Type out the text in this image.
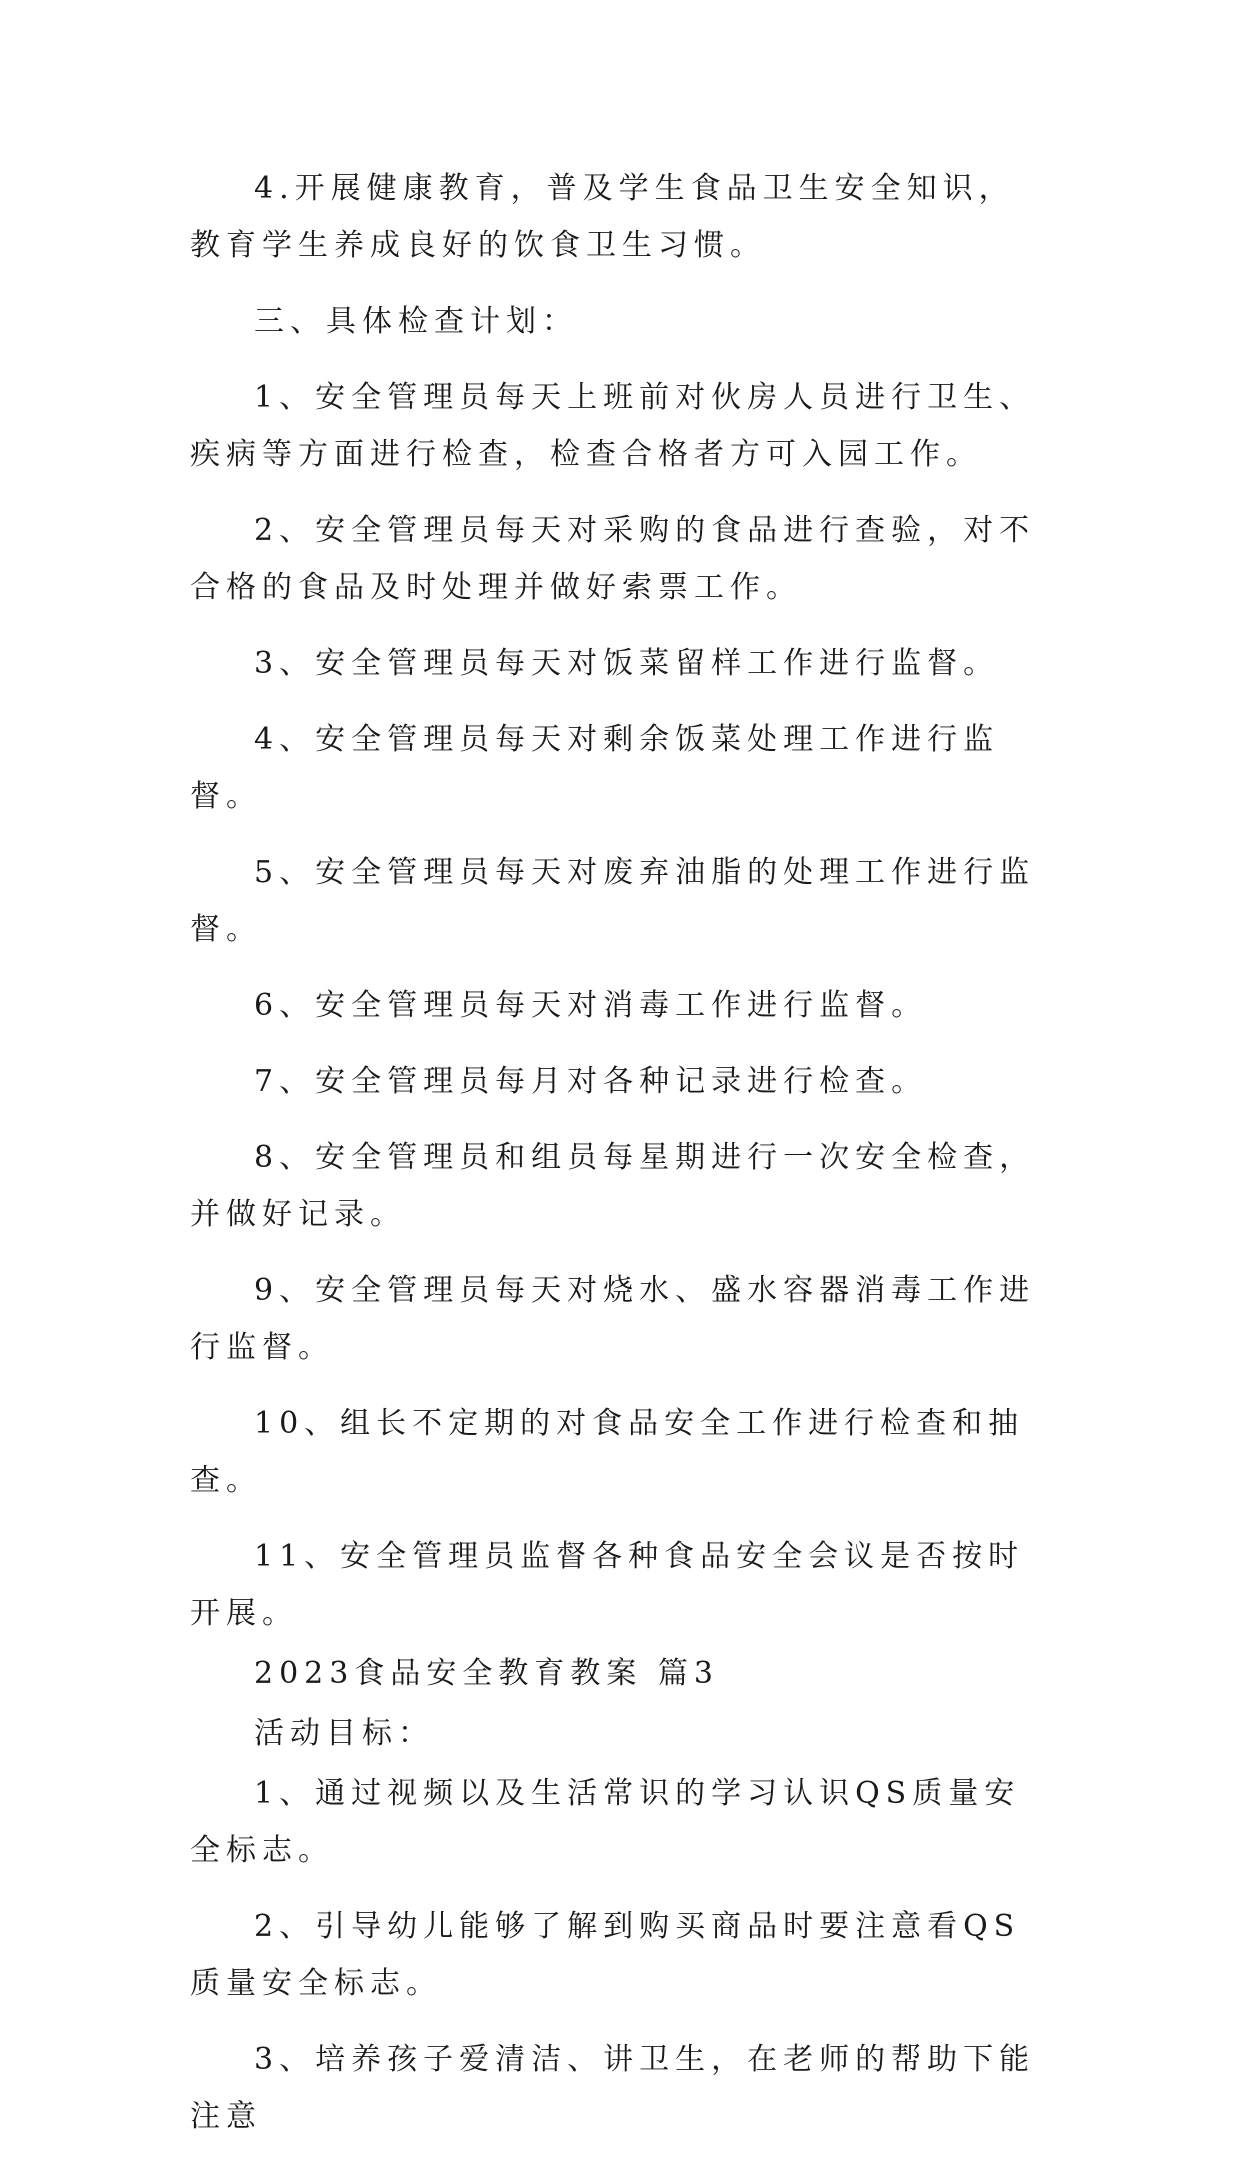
4.开展健康教育，普及学生食品卫生安全知识，教育学生养成良好的饮食卫生习惯。

三、具体检查计划：

1、安全管理员每天上班前对伙房人员进行卫生、疾病等方面进行检查，检查合格者方可入园工作。

2、安全管理员每天对采购的食品进行查验，对不合格的食品及时处理并做好索票工作。

3、安全管理员每天对饭菜留样工作进行监督。

4、安全管理员每天对剩余饭菜处理工作进行监督。

5、安全管理员每天对废弃油脂的处理工作进行监督。

6、安全管理员每天对消毒工作进行监督。

7、安全管理员每月对各种记录进行检查。

8、安全管理员和组员每星期进行一次安全检查，并做好记录。

9、安全管理员每天对烧水、盛水容器消毒工作进行监督。

10、组长不定期的对食品安全工作进行检查和抽查。

11、安全管理员监督各种食品安全会议是否按时开展。

2023食品安全教育教案 篇3

活动目标：

1、通过视频以及生活常识的学习认识QS质量安全标志。

2、引导幼儿能够了解到购买商品时要注意看QS质量安全标志。

3、培养孩子爱清洁、讲卫生，在老师的帮助下能注意
